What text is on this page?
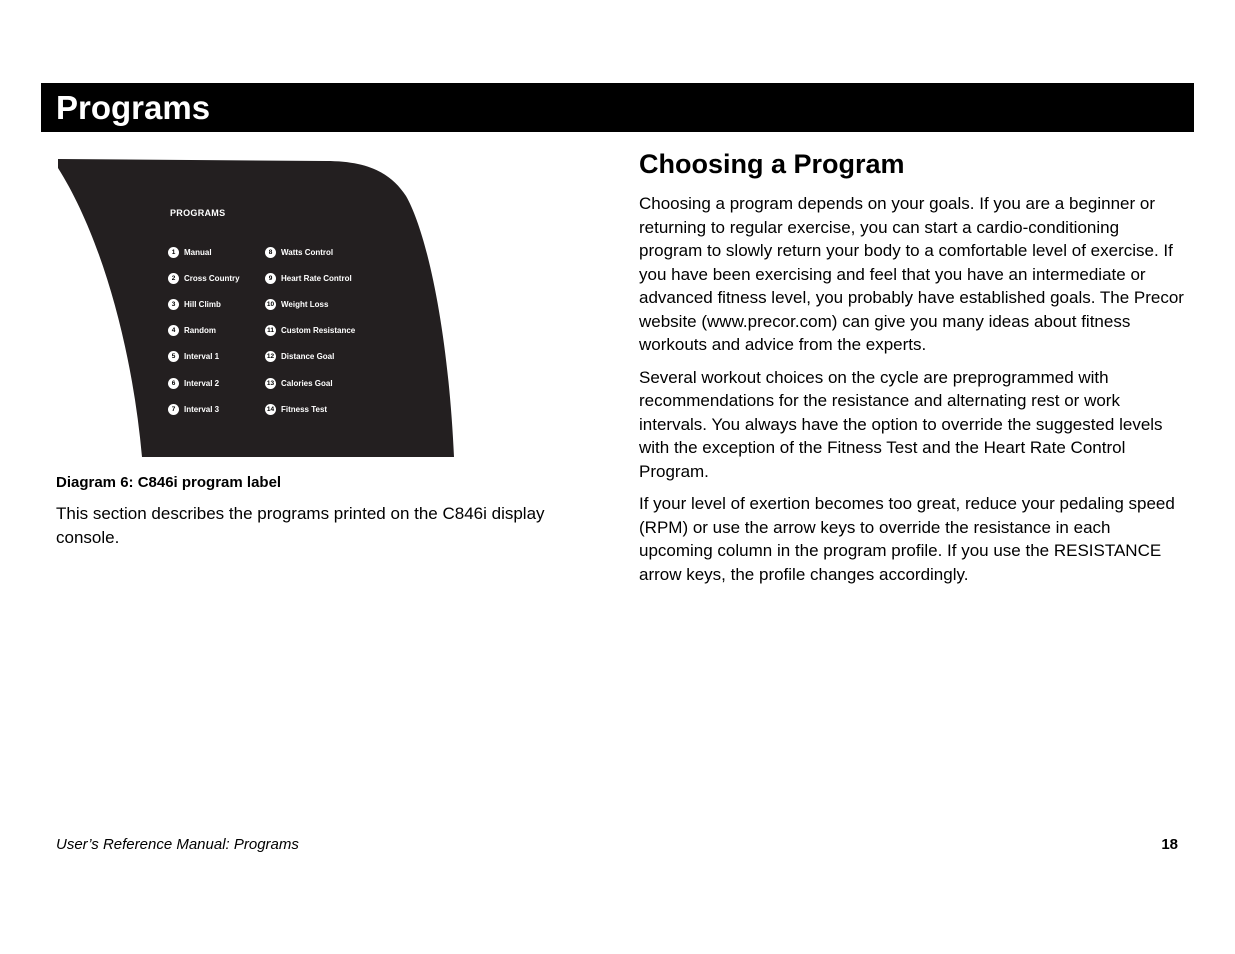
Programs
PROGRAMS
1	Manual
2	Cross Country
3	Hill Climb
4	Random
5	Interval 1
6	Interval 2
7	Interval 3
8	Watts Control
9	Heart Rate Control
10 Weight Loss
11 Custom Resistance
12 Distance Goal
13 Calories Goal
14 Fitness Test

Diagram 6: C846i program label

This section describes the programs printed on the C846i display console.

Choosing a Program

Choosing a program depends on your goals. If you are a beginner or returning to regular exercise, you can start a cardio-conditioning program to slowly return your body to a comfortable level of exercise. If you have been exercising and feel that you have an intermediate or advanced fitness level, you probably have established goals. The Precor website (www.precor.com) can give you many ideas about fitness workouts and advice from the experts.

Several workout choices on the cycle are preprogrammed with recommendations for the resistance and alternating rest or work intervals. You always have the option to override the suggested levels with the exception of the Fitness Test and the Heart Rate Control Program.

If your level of exertion becomes too great, reduce your pedaling speed (RPM) or use the arrow keys to override the resistance in each upcoming column in the program profile. If you use the RESISTANCE arrow keys, the profile changes accordingly.

User’s Reference Manual: Programs	18
